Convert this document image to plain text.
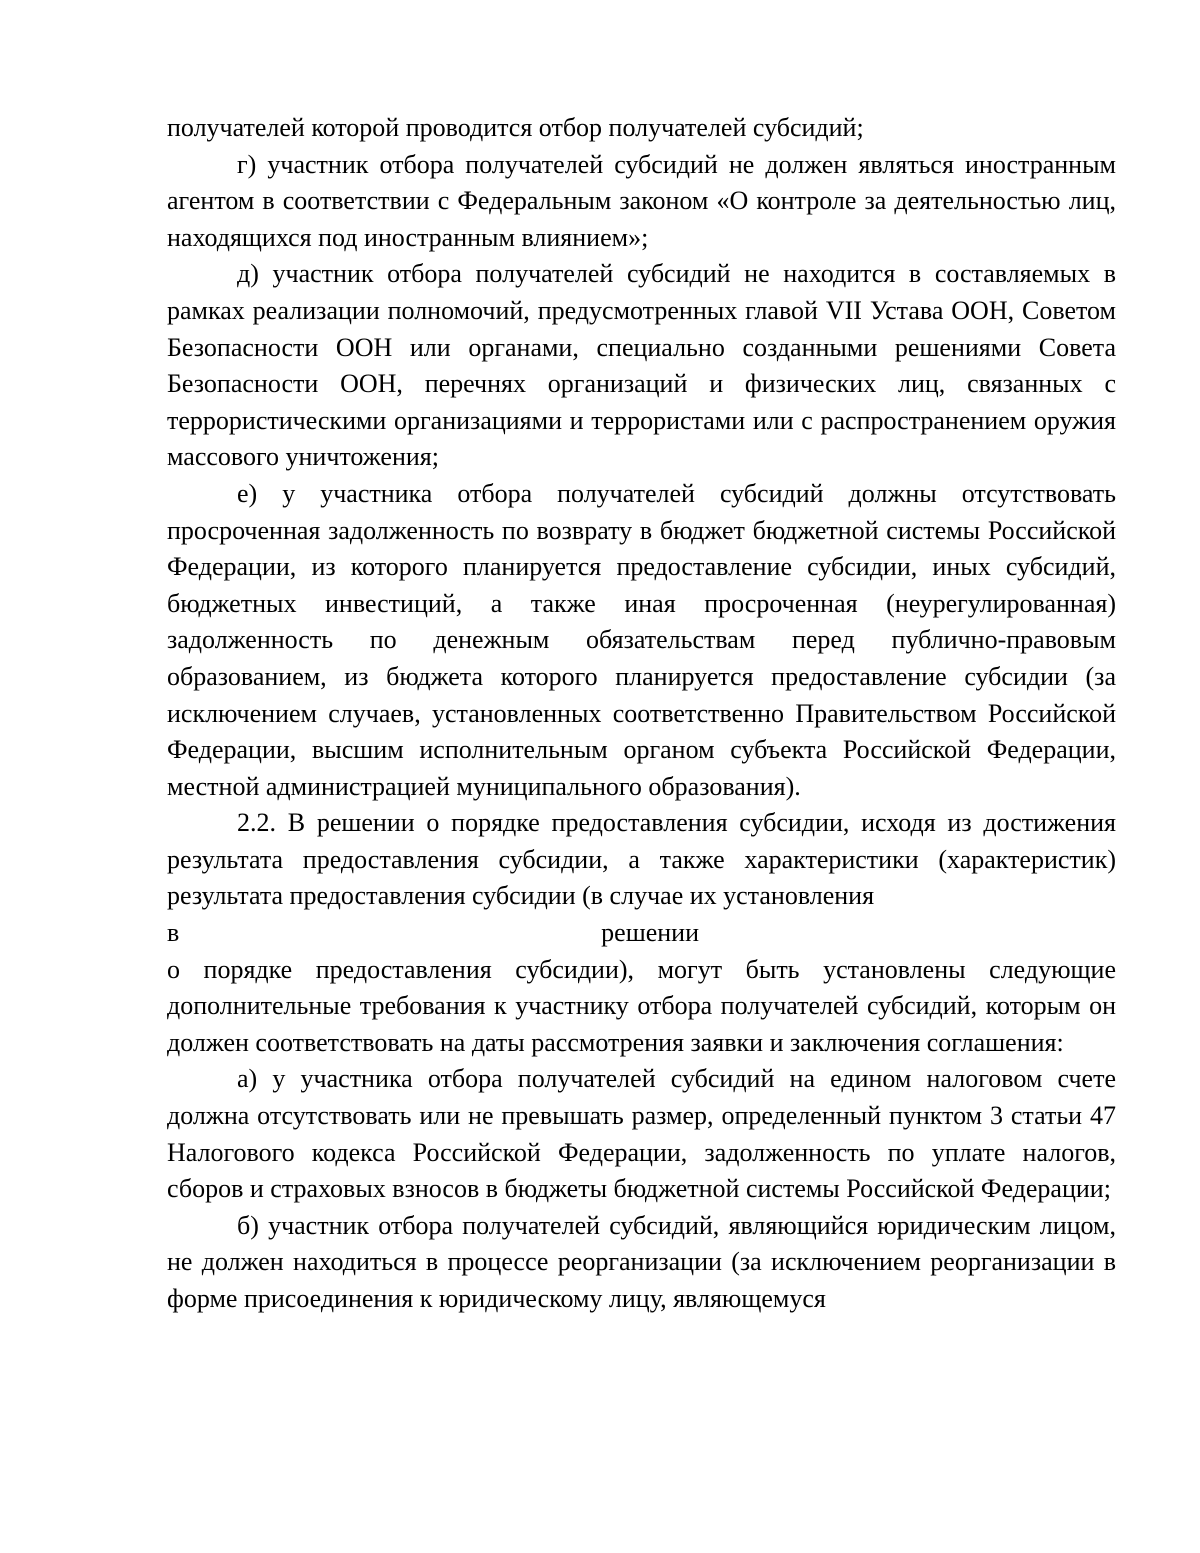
получателей которой проводится отбор получателей субсидий;

г) участник отбора получателей субсидий не должен являться иностранным агентом в соответствии с Федеральным законом «О контроле за деятельностью лиц, находящихся под иностранным влиянием»;

д) участник отбора получателей субсидий не находится в составляемых в рамках реализации полномочий, предусмотренных главой VII Устава ООН, Советом Безопасности ООН или органами, специально созданными решениями Совета Безопасности ООН, перечнях организаций и физических лиц, связанных с террористическими организациями и террористами или с распространением оружия массового уничтожения;

е) у участника отбора получателей субсидий должны отсутствовать просроченная задолженность по возврату в бюджет бюджетной системы Российской Федерации, из которого планируется предоставление субсидии, иных субсидий, бюджетных инвестиций, а также иная просроченная (неурегулированная) задолженность по денежным обязательствам перед публично-правовым образованием, из бюджета которого планируется предоставление субсидии (за исключением случаев, установленных соответственно Правительством Российской Федерации, высшим исполнительным органом субъекта Российской Федерации, местной администрацией муниципального образования).

2.2. В решении о порядке предоставления субсидии, исходя из достижения результата предоставления субсидии, а также характеристики (характеристик) результата предоставления субсидии (в случае их установления

в	решении

о порядке предоставления субсидии), могут быть установлены следующие дополнительные требования к участнику отбора получателей субсидий, которым он должен соответствовать на даты рассмотрения заявки и заключения соглашения:

а) у участника отбора получателей субсидий на едином налоговом счете должна отсутствовать или не превышать размер, определенный пунктом 3 статьи 47 Налогового кодекса Российской Федерации, задолженность по уплате налогов, сборов и страховых взносов в бюджеты бюджетной системы Российской Федерации;

б) участник отбора получателей субсидий, являющийся юридическим лицом, не должен находиться в процессе реорганизации (за исключением реорганизации в форме присоединения к юридическому лицу, являющемуся
